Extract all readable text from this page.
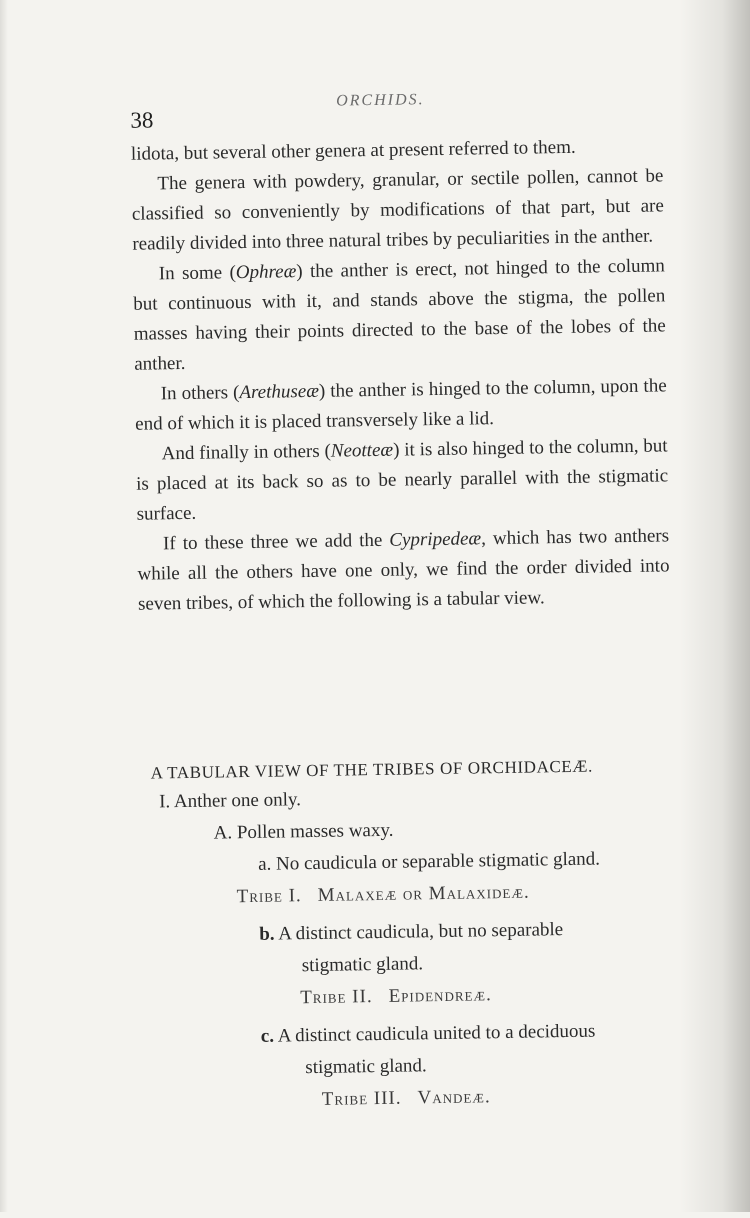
38
ORCHIDS.

lidota, but several other genera at present referred to them.

The genera with powdery, granular, or sectile pollen, cannot be classified so conveniently by modifications of that part, but are readily divided into three natural tribes by peculiarities in the anther.

In some (Ophreæ) the anther is erect, not hinged to the column but continuous with it, and stands above the stigma, the pollen masses having their points directed to the base of the lobes of the anther.

In others (Arethuseæ) the anther is hinged to the column, upon the end of which it is placed transversely like a lid.

And finally in others (Neotteæ) it is also hinged to the column, but is placed at its back so as to be nearly parallel with the stigmatic surface.

If to these three we add the Cypripedeæ, which has two anthers while all the others have one only, we find the order divided into seven tribes, of which the following is a tabular view.

A TABULAR VIEW OF THE TRIBES OF ORCHIDACEÆ.
I. Anther one only.
A. Pollen masses waxy.
a. No caudicula or separable stigmatic gland.
Tribe I. Malaxeæ or Malaxideæ.
b. A distinct caudicula, but no separable
stigmatic gland.
Tribe II. Epidendreæ.
c. A distinct caudicula united to a deciduous
stigmatic gland.
Tribe III. Vandeæ.
